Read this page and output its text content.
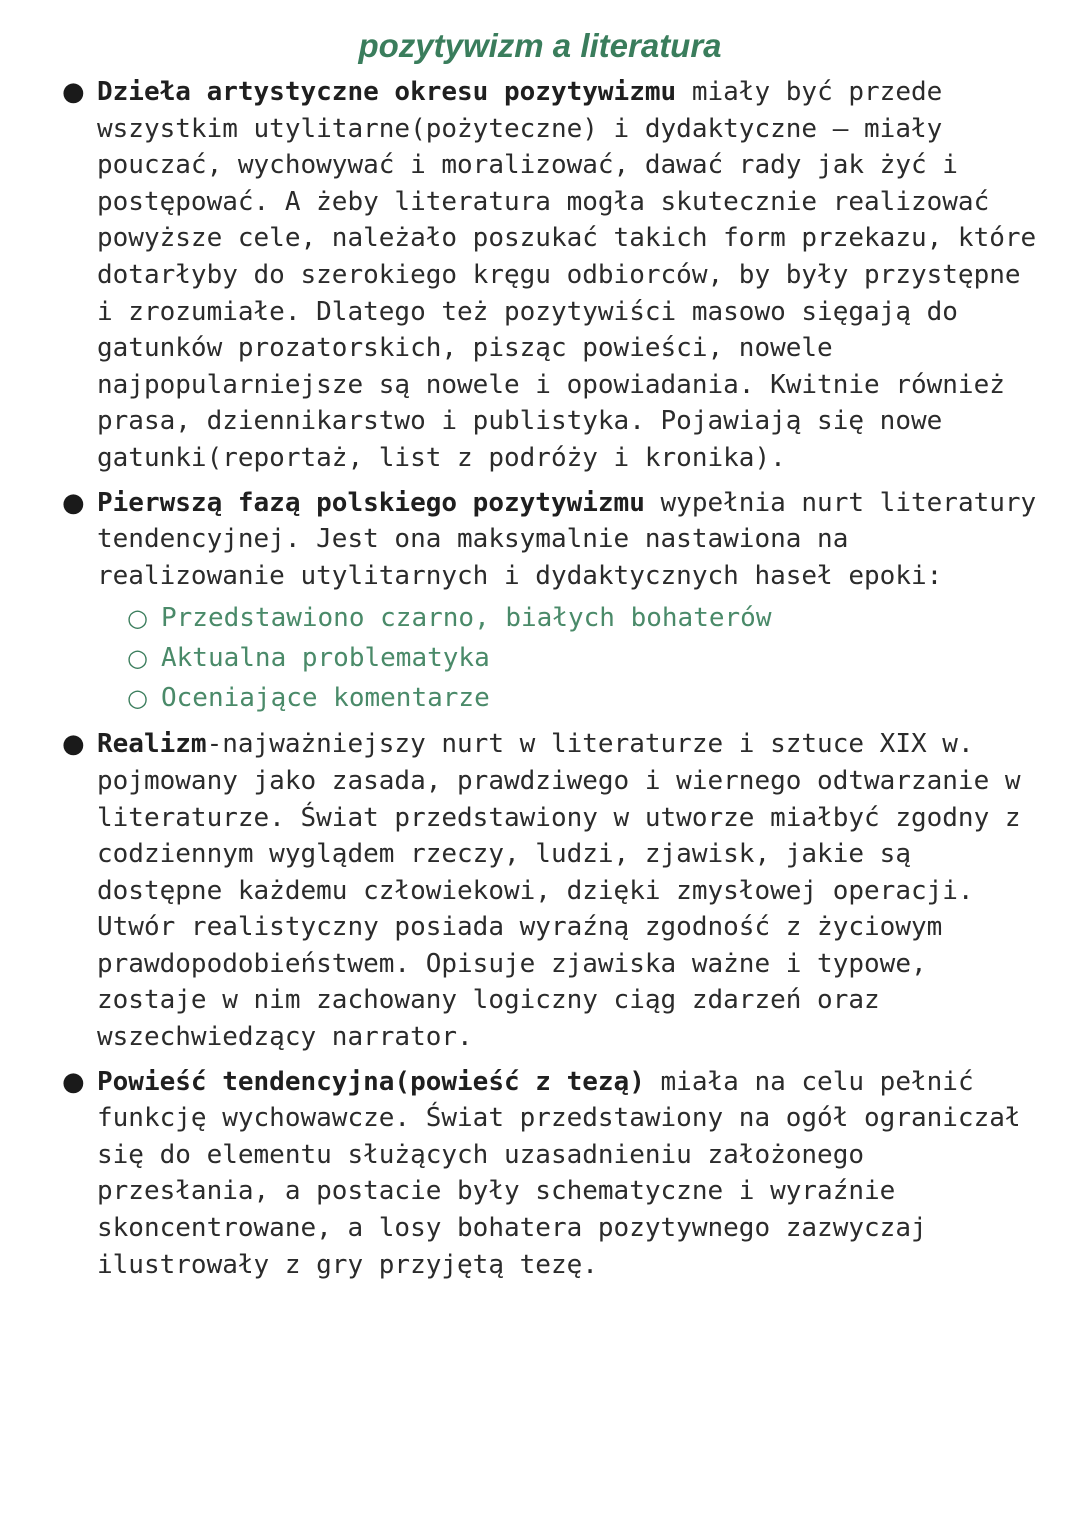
pozytywizm a literatura
● Dzieła artystyczne okresu pozytywizmu miały być przede wszystkim utylitarne(pożyteczne) i dydaktyczne – miały pouczać, wychowywać i moralizować, dawać rady jak żyć i postępować. A żeby literatura mogła skutecznie realizować powyższe cele, należało poszukać takich form przekazu, które dotarłyby do szerokiego kręgu odbiorców, by były przystępne i zrozumiałe. Dlatego też pozytywiści masowo sięgają do gatunków prozatorskich, pisząc powieści, nowele najpopularniejsze są nowele i opowiadania. Kwitnie również prasa, dziennikarstwo i publistyka. Pojawiają się nowe gatunki(reportaż, list z podróży i kronika).

● Pierwszą fazą polskiego pozytywizmu wypełnia nurt literatury tendencyjnej. Jest ona maksymalnie nastawiona na realizowanie utylitarnych i dydaktycznych haseł epoki:

○ Przedstawiono czarno, białych bohaterów
○ Aktualna problematyka
○ Oceniające komentarze
● Realizm-najważniejszy nurt w literaturze i sztuce XIX w. pojmowany jako zasada, prawdziwego i wiernego odtwarzanie w literaturze. Świat przedstawiony w utworze miałbyć zgodny z codziennym wyglądem rzeczy, ludzi, zjawisk, jakie są dostępne każdemu człowiekowi, dzięki zmysłowej operacji. Utwór realistyczny posiada wyraźną zgodność z życiowym prawdopodobieństwem. Opisuje zjawiska ważne i typowe, zostaje w nim zachowany logiczny ciąg zdarzeń oraz wszechwiedzący narrator.

● Powieść tendencyjna(powieść z tezą) miała na celu pełnić funkcję wychowawcze. Świat przedstawiony na ogół ograniczał się do elementu służących uzasadnieniu założonego przesłania, a postacie były schematyczne i wyraźnie skoncentrowane, a losy bohatera pozytywnego zazwyczaj ilustrowały z gry przyjętą tezę.
